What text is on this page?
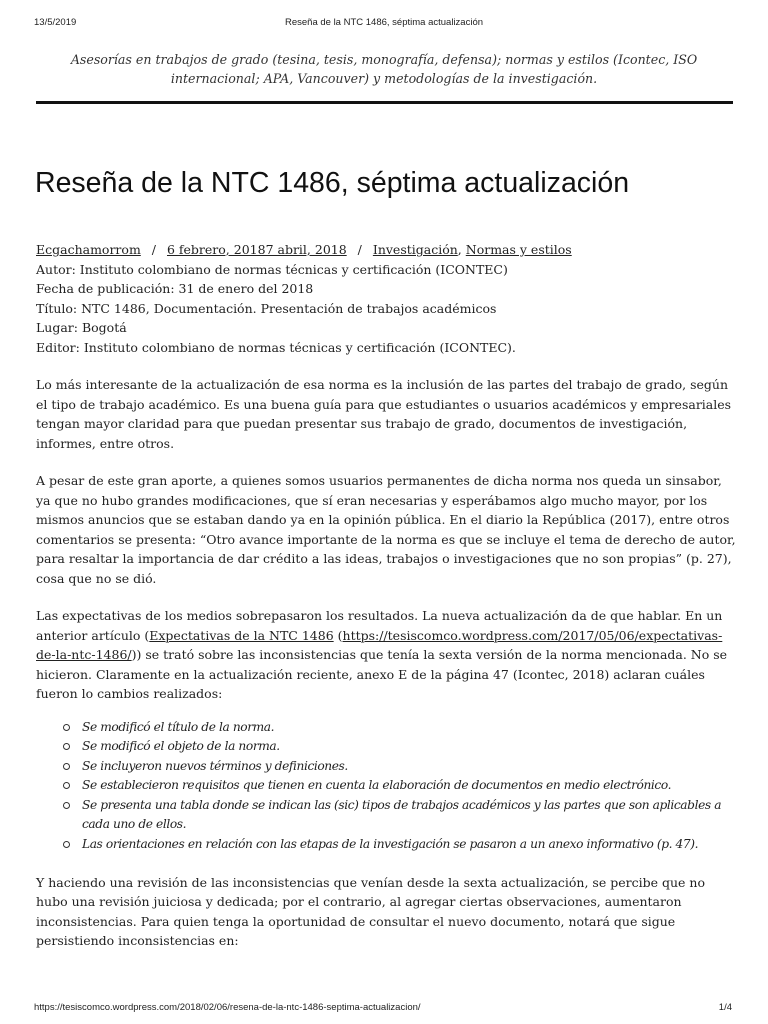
13/5/2019	Reseña de la NTC 1486, séptima actualización
Asesorías en trabajos de grado (tesina, tesis, monografía, defensa); normas y estilos (Icontec, ISO internacional; APA, Vancouver) y metodologías de la investigación.
Reseña de la NTC 1486, séptima actualización

Ecgachamorrom / 6 febrero, 20187 abril, 2018 / Investigación, Normas y estilos

Autor: Instituto colombiano de normas técnicas y certificación (ICONTEC)

Fecha de publicación: 31 de enero del 2018

Título: NTC 1486, Documentación. Presentación de trabajos académicos

Lugar: Bogotá

Editor: Instituto colombiano de normas técnicas y certificación (ICONTEC).

Lo más interesante de la actualización de esa norma es la inclusión de las partes del trabajo de grado, según el tipo de trabajo académico. Es una buena guía para que estudiantes o usuarios académicos y empresariales tengan mayor claridad para que puedan presentar sus trabajo de grado, documentos de investigación, informes, entre otros.

A pesar de este gran aporte, a quienes somos usuarios permanentes de dicha norma nos queda un sinsabor, ya que no hubo grandes modificaciones, que sí eran necesarias y esperábamos algo mucho mayor, por los mismos anuncios que se estaban dando ya en la opinión pública. En el diario la República (2017), entre otros comentarios se presenta: “Otro avance importante de la norma es que se incluye el tema de derecho de autor, para resaltar la importancia de dar crédito a las ideas, trabajos o investigaciones que no son propias” (p. 27), cosa que no se dió.

Las expectativas de los medios sobrepasaron los resultados. La nueva actualización da de que hablar. En un anterior artículo (Expectativas de la NTC 1486 (https://tesiscomco.wordpress.com/2017/05/06/expectativas-de-la-ntc-1486/)) se trató sobre las inconsistencias que tenía la sexta versión de la norma mencionada. No se hicieron. Claramente en la actualización reciente, anexo E de la página 47 (Icontec, 2018) aclaran cuáles fueron lo cambios realizados:

Se modificó el título de la norma.
Se modificó el objeto de la norma.
Se incluyeron nuevos términos y definiciones.
Se establecieron requisitos que tienen en cuenta la elaboración de documentos en medio electrónico.
Se presenta una tabla donde se indican las (sic) tipos de trabajos académicos y las partes que son aplicables a cada uno de ellos.
Las orientaciones en relación con las etapas de la investigación se pasaron a un anexo informativo (p. 47).

Y haciendo una revisión de las inconsistencias que venían desde la sexta actualización, se percibe que no hubo una revisión juiciosa y dedicada; por el contrario, al agregar ciertas observaciones, aumentaron inconsistencias. Para quien tenga la oportunidad de consultar el nuevo documento, notará que sigue persistiendo inconsistencias en:

https://tesiscomco.wordpress.com/2018/02/06/resena-de-la-ntc-1486-septima-actualizacion/	1/4
